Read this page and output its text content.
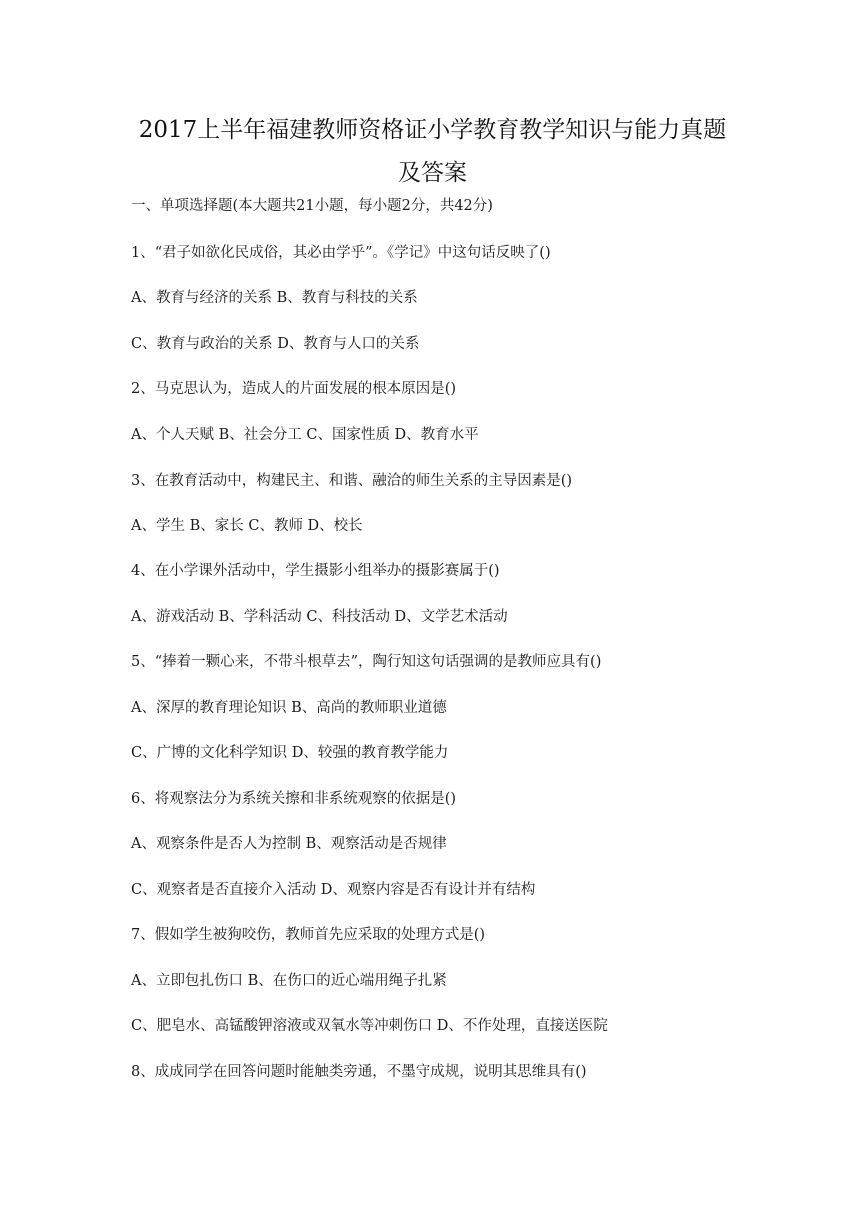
2017上半年福建教师资格证小学教育教学知识与能力真题
及答案
一、单项选择题(本大题共21小题，每小题2分，共42分)
1、“君子如欲化民成俗，其必由学乎”。《学记》中这句话反映了()
A、教育与经济的关系 B、教育与科技的关系
C、教育与政治的关系 D、教育与人口的关系
2、马克思认为，造成人的片面发展的根本原因是()
A、个人天赋 B、社会分工 C、国家性质 D、教育水平
3、在教育活动中，构建民主、和谐、融洽的师生关系的主导因素是()
A、学生 B、家长 C、教师 D、校长
4、在小学课外活动中，学生摄影小组举办的摄影赛属于()
A、游戏活动 B、学科活动 C、科技活动 D、文学艺术活动
5、“捧着一颗心来，不带斗根草去”，陶行知这句话强调的是教师应具有()
A、深厚的教育理论知识 B、高尚的教师职业道德
C、广博的文化科学知识 D、较强的教育教学能力
6、将观察法分为系统关擦和非系统观察的依据是()
A、观察条件是否人为控制 B、观察活动是否规律
C、观察者是否直接介入活动 D、观察内容是否有设计并有结构
7、假如学生被狗咬伤，教师首先应采取的处理方式是()
A、立即包扎伤口 B、在伤口的近心端用绳子扎紧
C、肥皂水、高锰酸钾溶液或双氧水等冲刺伤口 D、不作处理，直接送医院
8、成成同学在回答问题时能触类旁通，不墨守成规，说明其思维具有()
